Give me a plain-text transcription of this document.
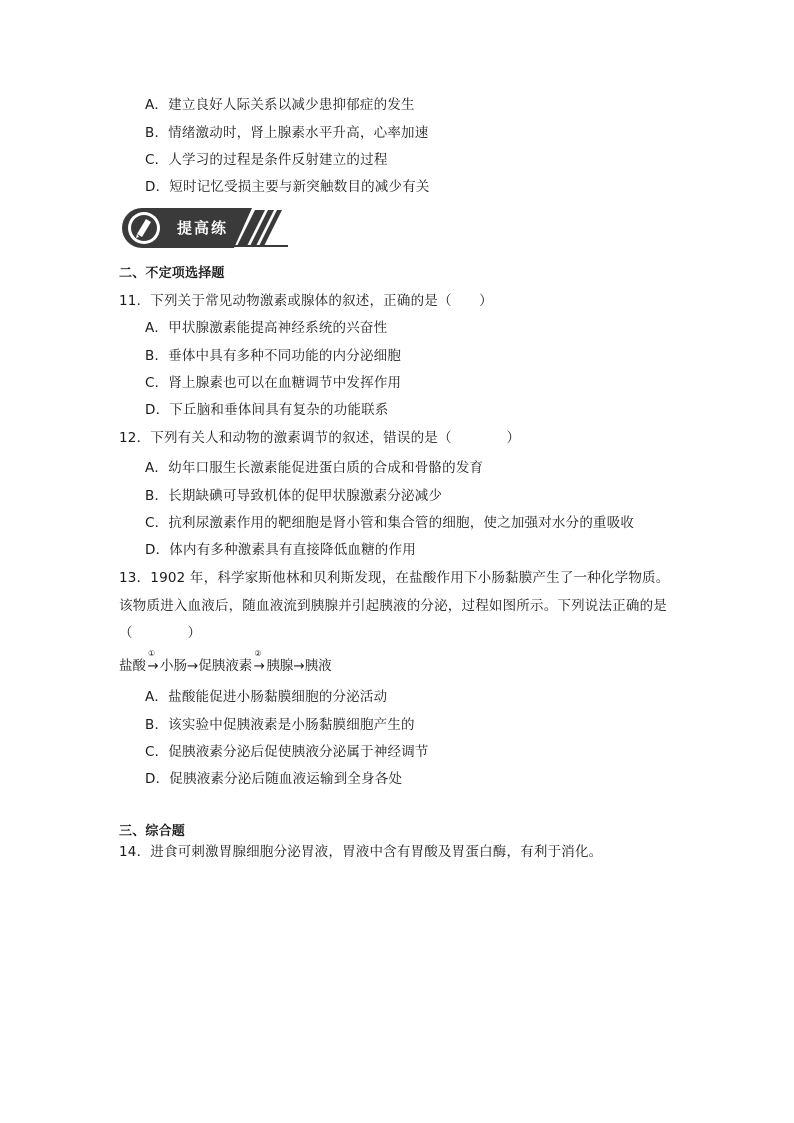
A．建立良好人际关系以减少患抑郁症的发生
B．情绪激动时，肾上腺素水平升高，心率加速
C．人学习的过程是条件反射建立的过程
D．短时记忆受损主要与新突触数目的减少有关
提高练
二、不定项选择题
11．下列关于常见动物激素或腺体的叙述，正确的是（　　）
A．甲状腺激素能提高神经系统的兴奋性
B．垂体中具有多种不同功能的内分泌细胞
C．肾上腺素也可以在血糖调节中发挥作用
D．下丘脑和垂体间具有复杂的功能联系
12．下列有关人和动物的激素调节的叙述，错误的是（　　　　）
A．幼年口服生长激素能促进蛋白质的合成和骨骼的发育
B．长期缺碘可导致机体的促甲状腺激素分泌减少
C．抗利尿激素作用的靶细胞是肾小管和集合管的细胞，使之加强对水分的重吸收
D．体内有多种激素具有直接降低血糖的作用
13．1902 年，科学家斯他林和贝利斯发现，在盐酸作用下小肠黏膜产生了一种化学物质。
该物质进入血液后，随血液流到胰腺并引起胰液的分泌，过程如图所示。下列说法正确的是
（　　　　）
盐酸
①
→小肠→促胰液素
②
→胰腺→胰液
A．盐酸能促进小肠黏膜细胞的分泌活动
B．该实验中促胰液素是小肠黏膜细胞产生的
C．促胰液素分泌后促使胰液分泌属于神经调节
D．促胰液素分泌后随血液运输到全身各处
三、综合题
14．进食可刺激胃腺细胞分泌胃液，胃液中含有胃酸及胃蛋白酶，有利于消化。
